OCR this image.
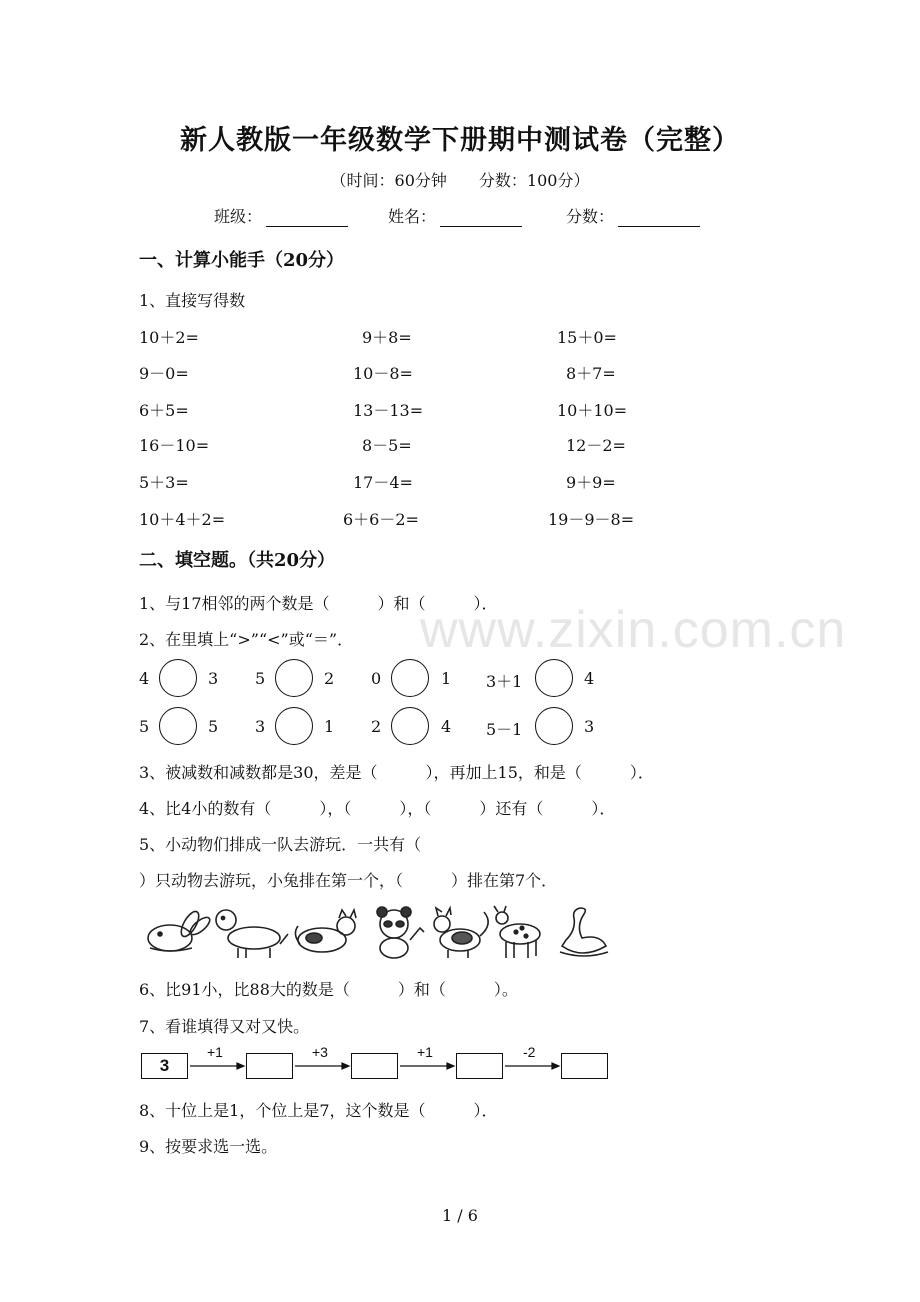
新人教版一年级数学下册期中测试卷（完整）
（时间：60分钟　　分数：100分）
班级：	姓名：	分数：
一、计算小能手（20分）
1、直接写得数
10＋2=	9＋8=	15＋0=
9－0=	10－8=	8＋7=
6＋5=	13－13=	10＋10=
16－10=	8－5=	12－2=
5＋3=	17－4=	9＋9=
10＋4＋2=	6＋6－2=	19－9－8=
二、填空题。（共20分）
www.zixin.com.cn
1、与17相邻的两个数是（　　　）和（　　　）．
2、在里填上“>”“<”或“＝”．
4	3 5	2 0	1 3＋1	4
5	5 3	1 2	4 5－1	3
3、被减数和减数都是30，差是（　　　），再加上15，和是（　　　）．
4、比4小的数有（　　　），（　　　），（　　　）还有（　　　）．
5、小动物们排成一队去游玩．一共有（
）只动物去游玩，小兔排在第一个，（　　　）排在第7个．
6、比91小，比88大的数是（　　　）和（　　　）。
7、看谁填得又对又快。
3
+1	+3	+1	-2
8、十位上是1，个位上是7，这个数是（　　　）．
9、按要求选一选。
1 / 6
